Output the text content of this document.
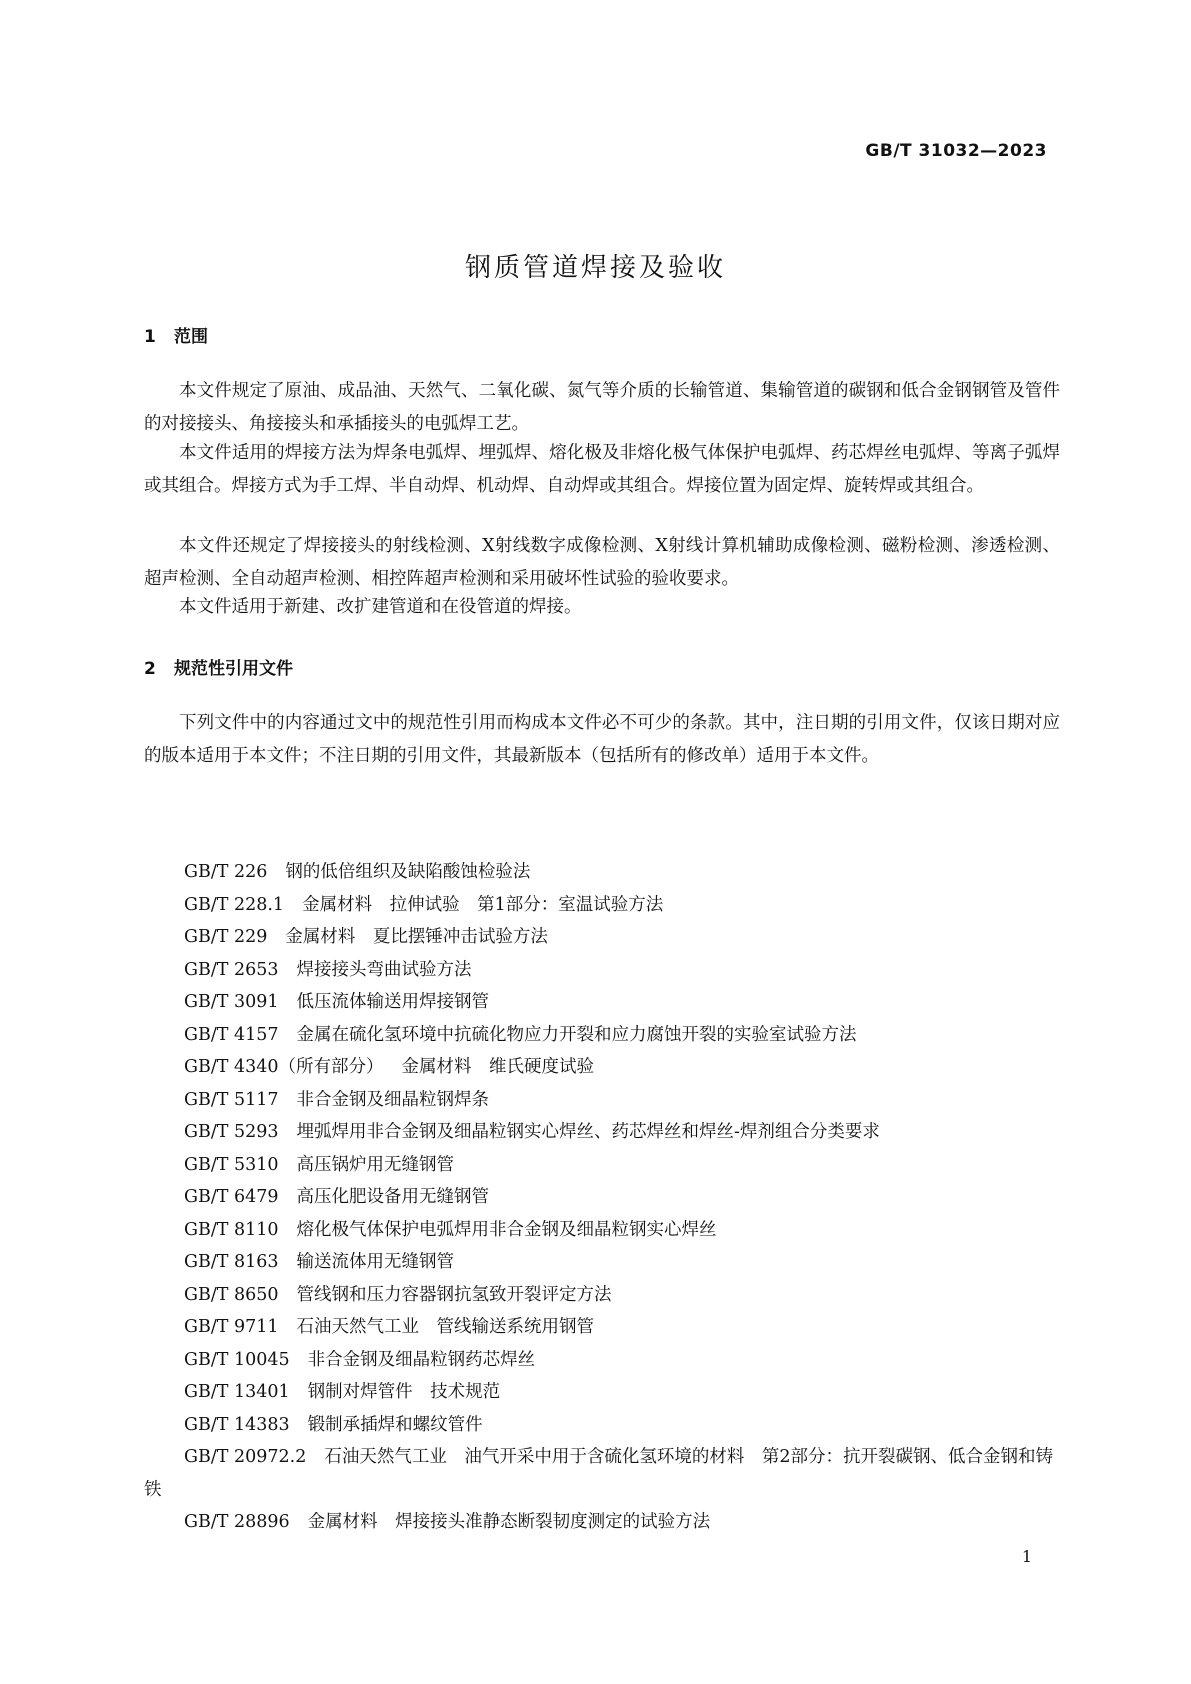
GB/T 31032—2023
钢质管道焊接及验收
1 范围

本文件规定了原油、成品油、天然气、二氧化碳、氮气等介质的长输管道、集输管道的碳钢和低合金钢钢管及管件的对接接头、角接接头和承插接头的电弧焊工艺。

本文件适用的焊接方法为焊条电弧焊、埋弧焊、熔化极及非熔化极气体保护电弧焊、药芯焊丝电弧焊、等离子弧焊或其组合。焊接方式为手工焊、半自动焊、机动焊、自动焊或其组合。焊接位置为固定焊、旋转焊或其组合。

本文件还规定了焊接接头的射线检测、X射线数字成像检测、X射线计算机辅助成像检测、磁粉检测、渗透检测、超声检测、全自动超声检测、相控阵超声检测和采用破坏性试验的验收要求。

本文件适用于新建、改扩建管道和在役管道的焊接。

2 规范性引用文件

下列文件中的内容通过文中的规范性引用而构成本文件必不可少的条款。其中，注日期的引用文件，仅该日期对应的版本适用于本文件；不注日期的引用文件，其最新版本（包括所有的修改单）适用于本文件。

GB/T 226 钢的低倍组织及缺陷酸蚀检验法
GB/T 228.1 金属材料　拉伸试验　第1部分：室温试验方法
GB/T 229 金属材料　夏比摆锤冲击试验方法
GB/T 2653 焊接接头弯曲试验方法
GB/T 3091 低压流体输送用焊接钢管
GB/T 4157 金属在硫化氢环境中抗硫化物应力开裂和应力腐蚀开裂的实验室试验方法
GB/T 4340（所有部分） 金属材料　维氏硬度试验
GB/T 5117 非合金钢及细晶粒钢焊条
GB/T 5293 埋弧焊用非合金钢及细晶粒钢实心焊丝、药芯焊丝和焊丝-焊剂组合分类要求
GB/T 5310 高压锅炉用无缝钢管
GB/T 6479 高压化肥设备用无缝钢管
GB/T 8110 熔化极气体保护电弧焊用非合金钢及细晶粒钢实心焊丝
GB/T 8163 输送流体用无缝钢管
GB/T 8650 管线钢和压力容器钢抗氢致开裂评定方法
GB/T 9711 石油天然气工业　管线输送系统用钢管
GB/T 10045 非合金钢及细晶粒钢药芯焊丝
GB/T 13401 钢制对焊管件　技术规范
GB/T 14383 锻制承插焊和螺纹管件
GB/T 20972.2 石油天然气工业　油气开采中用于含硫化氢环境的材料　第2部分：抗开裂碳钢、低合金钢和铸铁
GB/T 28896 金属材料　焊接接头准静态断裂韧度测定的试验方法
1
